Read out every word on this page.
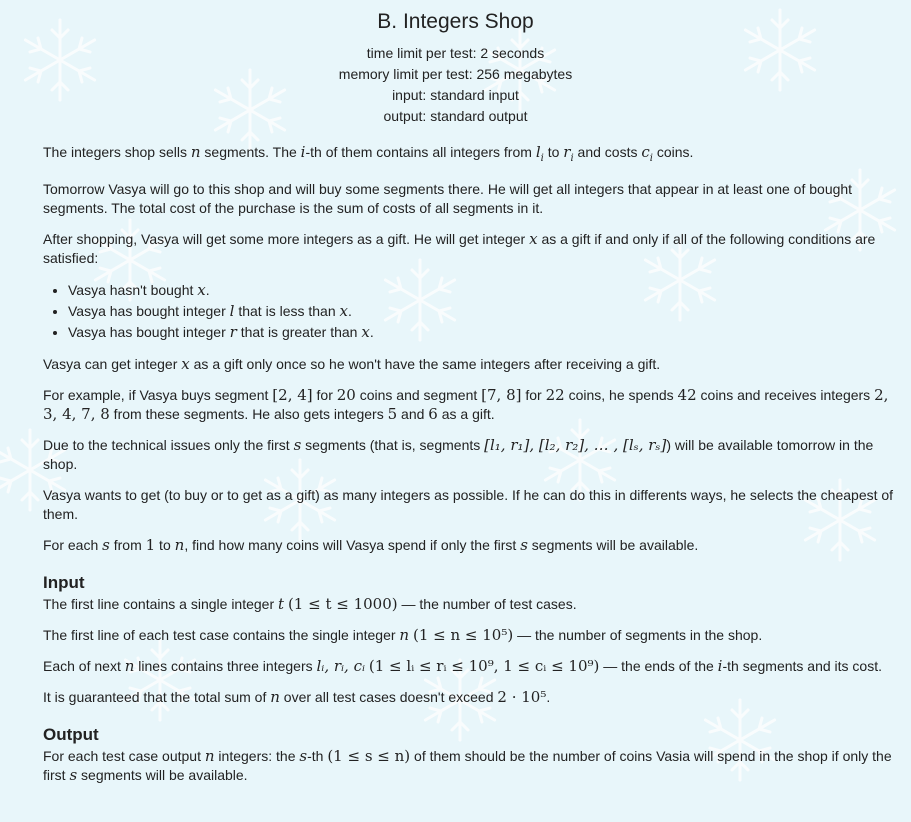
B. Integers Shop
time limit per test: 2 seconds
memory limit per test: 256 megabytes
input: standard input
output: standard output

The integers shop sells n segments. The i-th of them contains all integers from $l_i$ to $r_i$ and costs $c_i$ coins.

Tomorrow Vasya will go to this shop and will buy some segments there. He will get all integers that appear in at least one of bought segments. The total cost of the purchase is the sum of costs of all segments in it.

After shopping, Vasya will get some more integers as a gift. He will get integer x as a gift if and only if all of the following conditions are satisfied:

• Vasya hasn't bought x.
• Vasya has bought integer l that is less than x.
• Vasya has bought integer r that is greater than x.

Vasya can get integer x as a gift only once so he won't have the same integers after receiving a gift.

For example, if Vasya buys segment [2, 4] for 20 coins and segment [7, 8] for 22 coins, he spends 42 coins and receives integers 2, 3, 4, 7, 8 from these segments. He also gets integers 5 and 6 as a gift.

Due to the technical issues only the first s segments (that is, segments [l₁, r₁], [l₂, r₂], … , [lₛ, rₛ]) will be available tomorrow in the shop.

Vasya wants to get (to buy or to get as a gift) as many integers as possible. If he can do this in differents ways, he selects the cheapest of them.

For each s from 1 to n, find how many coins will Vasya spend if only the first s segments will be available.

Input

The first line contains a single integer t (1 ≤ t ≤ 1000) — the number of test cases.

The first line of each test case contains the single integer n (1 ≤ n ≤ 10⁵) — the number of segments in the shop.

Each of next n lines contains three integers lᵢ, rᵢ, cᵢ (1 ≤ lᵢ ≤ rᵢ ≤ 10⁹, 1 ≤ cᵢ ≤ 10⁹) — the ends of the i-th segments and its cost.

It is guaranteed that the total sum of n over all test cases doesn't exceed 2 · 10⁵.

Output

For each test case output n integers: the s-th (1 ≤ s ≤ n) of them should be the number of coins Vasia will spend in the shop if only the first s segments will be available.
